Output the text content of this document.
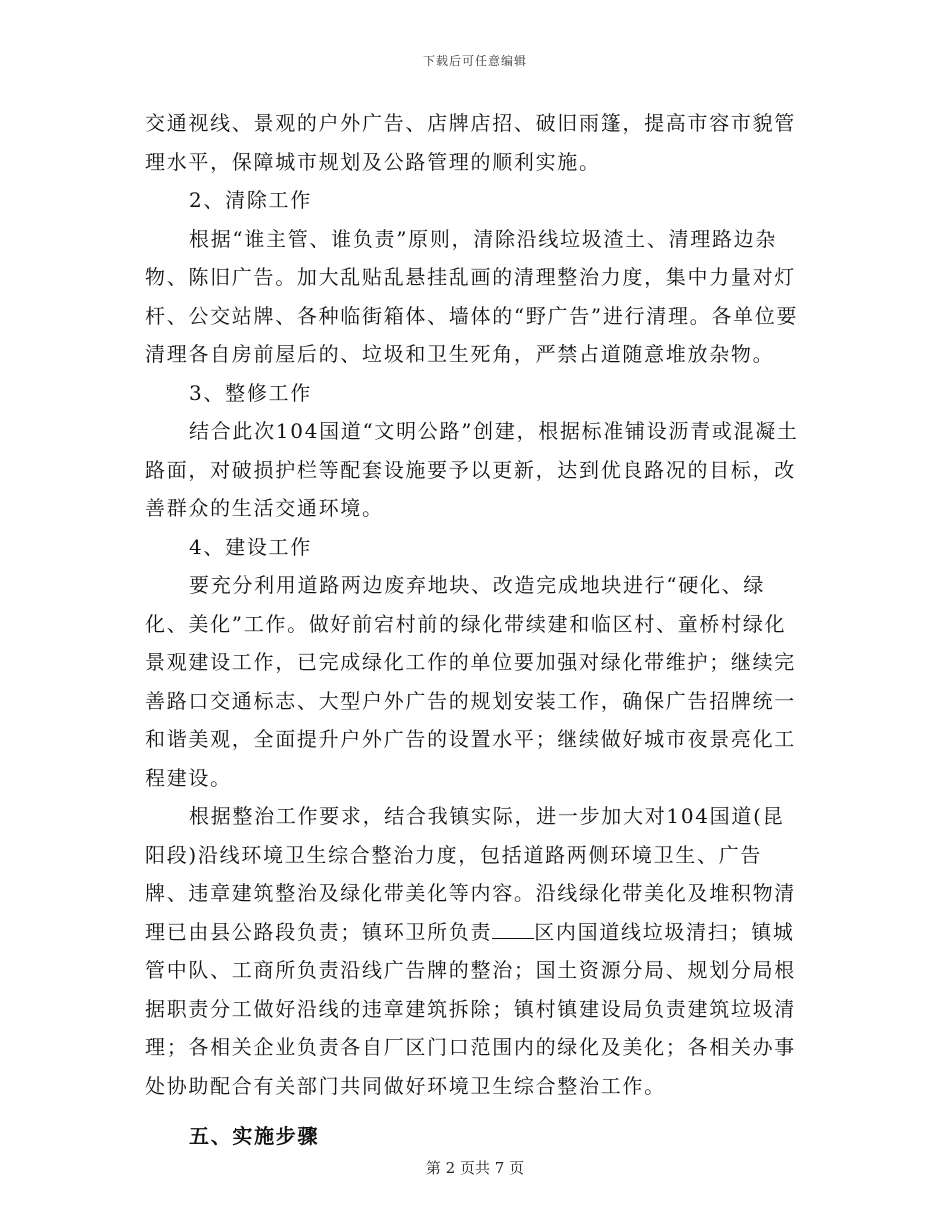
下载后可任意编辑

交通视线、景观的户外广告、店牌店招、破旧雨篷，提高市容市貌管理水平，保障城市规划及公路管理的顺利实施。

2、清除工作

根据“谁主管、谁负责”原则，清除沿线垃圾渣土、清理路边杂物、陈旧广告。加大乱贴乱悬挂乱画的清理整治力度，集中力量对灯杆、公交站牌、各种临街箱体、墙体的“野广告”进行清理。各单位要清理各自房前屋后的、垃圾和卫生死角，严禁占道随意堆放杂物。

3、整修工作

结合此次104国道“文明公路”创建，根据标准铺设沥青或混凝土路面，对破损护栏等配套设施要予以更新，达到优良路况的目标，改善群众的生活交通环境。

4、建设工作

要充分利用道路两边废弃地块、改造完成地块进行“硬化、绿化、美化”工作。做好前宕村前的绿化带续建和临区村、童桥村绿化景观建设工作，已完成绿化工作的单位要加强对绿化带维护；继续完善路口交通标志、大型户外广告的规划安装工作，确保广告招牌统一和谐美观，全面提升户外广告的设置水平；继续做好城市夜景亮化工程建设。

根据整治工作要求，结合我镇实际，进一步加大对104国道(昆阳段)沿线环境卫生综合整治力度，包括道路两侧环境卫生、广告牌、违章建筑整治及绿化带美化等内容。沿线绿化带美化及堆积物清理已由县公路段负责；镇环卫所负责 区内国道线垃圾清扫；镇城管中队、工商所负责沿线广告牌的整治；国土资源分局、规划分局根据职责分工做好沿线的违章建筑拆除；镇村镇建设局负责建筑垃圾清理；各相关企业负责各自厂区门口范围内的绿化及美化；各相关办事处协助配合有关部门共同做好环境卫生综合整治工作。

五、实施步骤

第 2 页共 7 页
